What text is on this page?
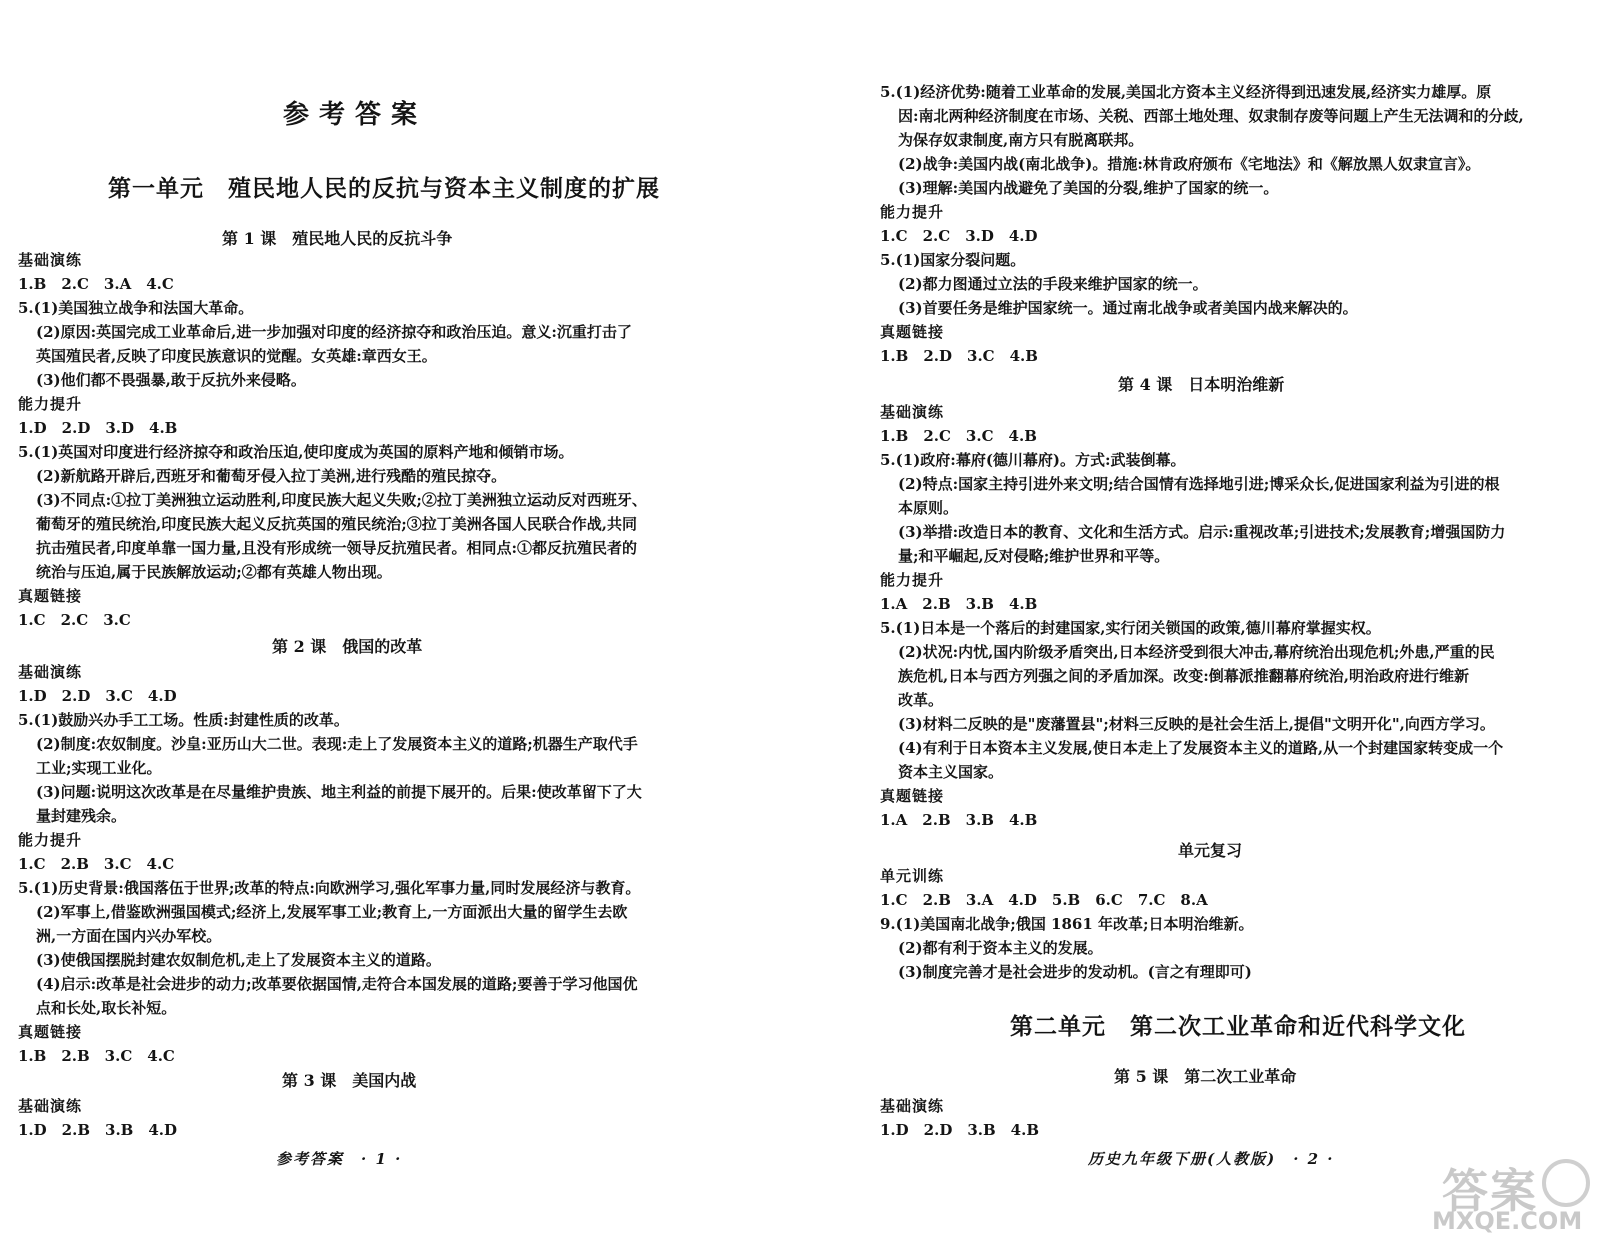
参考答案
第一单元　殖民地人民的反抗与资本主义制度的扩展
第 1 课　殖民地人民的反抗斗争
基础演练
1.B　2.C　3.A　4.C
5.(1)美国独立战争和法国大革命。
(2)原因:英国完成工业革命后,进一步加强对印度的经济掠夺和政治压迫。意义:沉重打击了
英国殖民者,反映了印度民族意识的觉醒。女英雄:章西女王。
(3)他们都不畏强暴,敢于反抗外来侵略。
能力提升
1.D　2.D　3.D　4.B
5.(1)英国对印度进行经济掠夺和政治压迫,使印度成为英国的原料产地和倾销市场。
(2)新航路开辟后,西班牙和葡萄牙侵入拉丁美洲,进行残酷的殖民掠夺。
(3)不同点:①拉丁美洲独立运动胜利,印度民族大起义失败;②拉丁美洲独立运动反对西班牙、
葡萄牙的殖民统治,印度民族大起义反抗英国的殖民统治;③拉丁美洲各国人民联合作战,共同
抗击殖民者,印度单靠一国力量,且没有形成统一领导反抗殖民者。相同点:①都反抗殖民者的
统治与压迫,属于民族解放运动;②都有英雄人物出现。
真题链接
1.C　2.C　3.C
第 2 课　俄国的改革
基础演练
1.D　2.D　3.C　4.D
5.(1)鼓励兴办手工工场。性质:封建性质的改革。
(2)制度:农奴制度。沙皇:亚历山大二世。表现:走上了发展资本主义的道路;机器生产取代手
工业;实现工业化。
(3)问题:说明这次改革是在尽量维护贵族、地主利益的前提下展开的。后果:使改革留下了大
量封建残余。
能力提升
1.C　2.B　3.C　4.C
5.(1)历史背景:俄国落伍于世界;改革的特点:向欧洲学习,强化军事力量,同时发展经济与教育。
(2)军事上,借鉴欧洲强国模式;经济上,发展军事工业;教育上,一方面派出大量的留学生去欧
洲,一方面在国内兴办军校。
(3)使俄国摆脱封建农奴制危机,走上了发展资本主义的道路。
(4)启示:改革是社会进步的动力;改革要依据国情,走符合本国发展的道路;要善于学习他国优
点和长处,取长补短。
真题链接
1.B　2.B　3.C　4.C
第 3 课　美国内战
基础演练
1.D　2.B　3.B　4.D
参考答案　· 1 ·
5.(1)经济优势:随着工业革命的发展,美国北方资本主义经济得到迅速发展,经济实力雄厚。原
因:南北两种经济制度在市场、关税、西部土地处理、奴隶制存废等问题上产生无法调和的分歧,
为保存奴隶制度,南方只有脱离联邦。
(2)战争:美国内战(南北战争)。措施:林肯政府颁布《宅地法》和《解放黑人奴隶宣言》。
(3)理解:美国内战避免了美国的分裂,维护了国家的统一。
能力提升
1.C　2.C　3.D　4.D
5.(1)国家分裂问题。
(2)都力图通过立法的手段来维护国家的统一。
(3)首要任务是维护国家统一。通过南北战争或者美国内战来解决的。
真题链接
1.B　2.D　3.C　4.B
第 4 课　日本明治维新
基础演练
1.B　2.C　3.C　4.B
5.(1)政府:幕府(德川幕府)。方式:武装倒幕。
(2)特点:国家主持引进外来文明;结合国情有选择地引进;博采众长,促进国家利益为引进的根
本原则。
(3)举措:改造日本的教育、文化和生活方式。启示:重视改革;引进技术;发展教育;增强国防力
量;和平崛起,反对侵略;维护世界和平等。
能力提升
1.A　2.B　3.B　4.B
5.(1)日本是一个落后的封建国家,实行闭关锁国的政策,德川幕府掌握实权。
(2)状况:内忧,国内阶级矛盾突出,日本经济受到很大冲击,幕府统治出现危机;外患,严重的民
族危机,日本与西方列强之间的矛盾加深。改变:倒幕派推翻幕府统治,明治政府进行维新
改革。
(3)材料二反映的是"废藩置县";材料三反映的是社会生活上,提倡"文明开化",向西方学习。
(4)有利于日本资本主义发展,使日本走上了发展资本主义的道路,从一个封建国家转变成一个
资本主义国家。
真题链接
1.A　2.B　3.B　4.B
单元复习
单元训练
1.C　2.B　3.A　4.D　5.B　6.C　7.C　8.A
9.(1)美国南北战争;俄国 1861 年改革;日本明治维新。
(2)都有利于资本主义的发展。
(3)制度完善才是社会进步的发动机。(言之有理即可)
第二单元　第二次工业革命和近代科学文化
第 5 课　第二次工业革命
基础演练
1.D　2.D　3.B　4.B
历史九年级下册(人教版)　· 2 ·
答案
MXQE.COM
